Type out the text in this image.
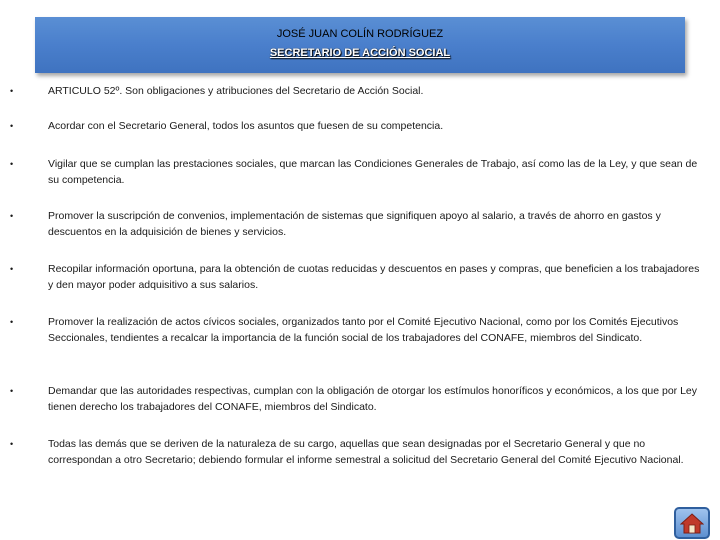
JOSÉ JUAN COLÍN RODRÍGUEZ
SECRETARIO DE ACCIÓN SOCIAL
•	ARTICULO 52º. Son obligaciones y atribuciones del Secretario de Acción Social.
•	Acordar con el Secretario General, todos los asuntos que fuesen de su competencia.
•	Vigilar que se cumplan las prestaciones sociales, que marcan las Condiciones Generales de Trabajo, así como las de la Ley, y que sean de su competencia.
•	Promover la suscripción de convenios, implementación de sistemas que signifiquen apoyo al salario, a través de ahorro en gastos y descuentos en la adquisición de bienes y servicios.
•	Recopilar información oportuna, para la obtención de cuotas reducidas y descuentos en pases y compras, que beneficien a los trabajadores y den mayor poder adquisitivo a sus salarios.
•	Promover la realización de actos cívicos sociales, organizados tanto por el Comité Ejecutivo Nacional, como por los Comités Ejecutivos Seccionales, tendientes a recalcar la importancia de la función social de los trabajadores del CONAFE, miembros del Sindicato.
•	Demandar que las autoridades respectivas, cumplan con la obligación de otorgar los estímulos honoríficos y económicos, a los que por Ley tienen derecho los trabajadores del CONAFE, miembros del Sindicato.
•	Todas las demás que se deriven de la naturaleza de su cargo, aquellas que sean designadas por el Secretario General y que no correspondan a otro Secretario; debiendo formular el informe semestral a solicitud del Secretario General del Comité Ejecutivo Nacional.
